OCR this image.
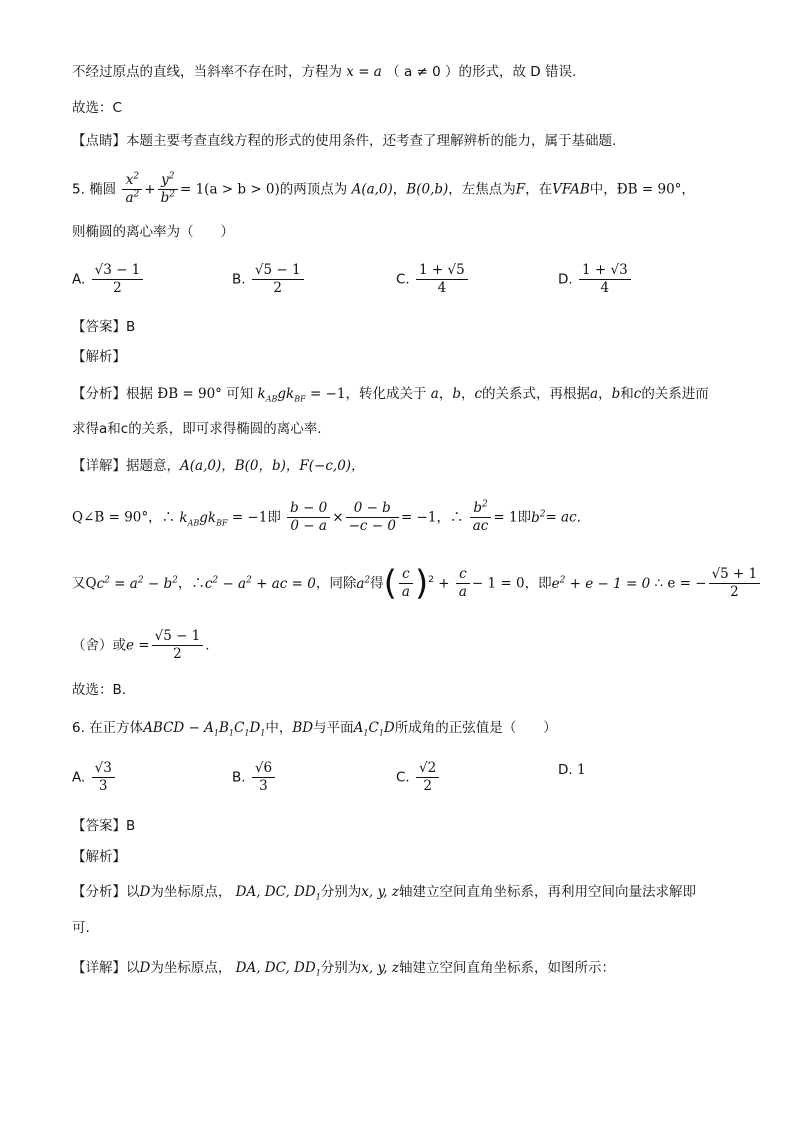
不经过原点的直线，当斜率不存在时，方程为 x = a （ a ≠ 0 ）的形式，故 D 错误.
故选：C
【点睛】本题主要考查直线方程的形式的使用条件，还考查了理解辨析的能力，属于基础题.
5. 椭圆 $\frac{x^2}{a^2} + \frac{y^2}{b^2} = 1(a > b > 0)$的两顶点为 A(a,0)，B(0,b)，左焦点为F，在VFAB中，ÐB = 90°，
则椭圆的离心率为（　　）
A. $\frac{√3 - 1}{2}$	B. $\frac{√5 - 1}{2}$	C. $\frac{1 + √5}{4}$	D. $\frac{1 + √3}{4}$
【答案】B
【解析】
【分析】根据 ÐB = 90° 可知 $k_{AB}gk_{BF} = -1$，转化成关于 a，b，c的关系式，再根据a，b和c的关系进而
求得a和c的关系，即可求得椭圆的离心率.
【详解】据题意，A(a,0)，B(0，b)，F(−c,0)，
Q∠B = 90°，∴ $k_{AB}gk_{BF} = -1$即 $\frac{b - 0}{0 - a} \times \frac{0 - b}{-c - 0} = -1$，∴ $\frac{b^2}{ac} = 1$即$b^2=$ ac.
又$Qc^2 = a^2 - b^2$，$\therefore c^2 - a^2$ + ac = 0，同除$a^2$得( $\frac{c}{a} )^2 + \frac{c}{a} - 1 = 0$，即$e^2 + e - 1 = 0$ ∴ e = − $\frac{√5 + 1}{2}$
（舍）或$e = \frac{√5 - 1}{2}$ .
故选：B.
6. 在正方体ABCD − $A_1B_1C_1D_1$中，BD与平面$A_1C_1D$所成角的正弦值是（　　）
A. $\frac{√3}{3}$	B. $\frac{√6}{3}$	C. $\frac{√2}{2}$	D. 1
【答案】B
【解析】
【分析】以D为坐标原点， DA, DC, $DD_1$分别为x, y, z轴建立空间直角坐标系，再利用空间向量法求解即
可.
【详解】以D为坐标原点， DA, DC, $DD_1$分别为x, y, z轴建立空间直角坐标系，如图所示：
